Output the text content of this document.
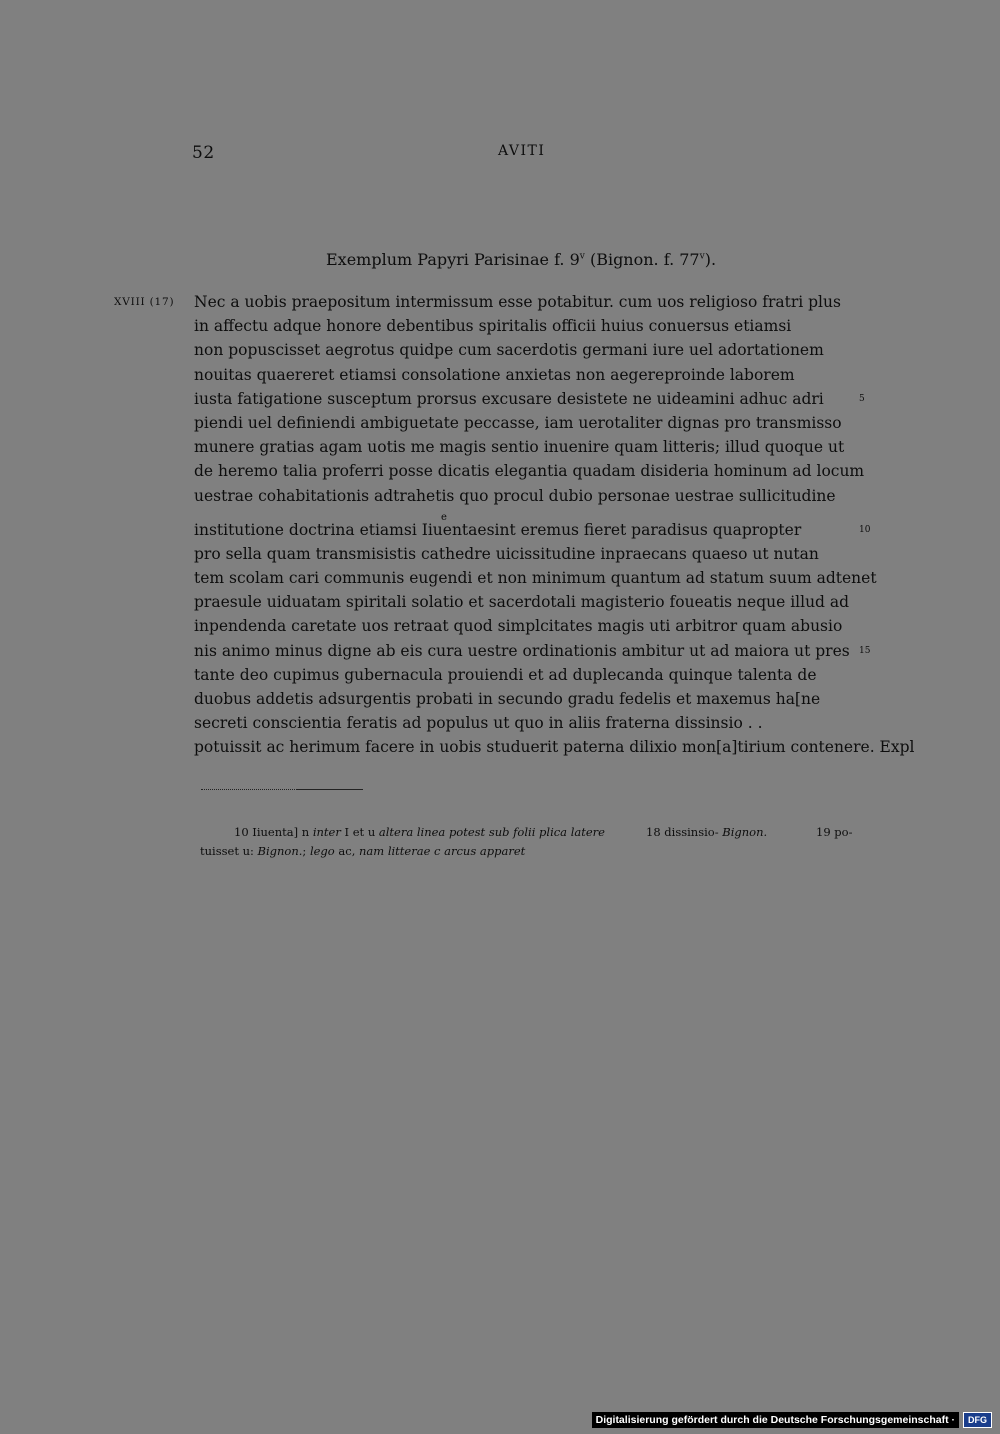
52	AVITI
Exemplum Papyri Parisinae f. 9$^v$ (Bignon. f. 77$^v$).
XVIII (17) Nec a uobis praepositum intermissum esse potabitur. cum uos religioso fratri plus
in affectu adque honore debentibus spiritalis officii huius conuersus etiamsi
non popuscisset aegrotus quidpe cum sacerdotis germani iure uel adortationem
nouitas quaereret etiamsi consolatione anxietas non aegereproinde laborem
iusta fatigatione susceptum prorsus excusare desistete ne uideamini adhuc adri	5
piendi uel definiendi ambiguetate peccasse, iam uerotaliter dignas pro transmisso
munere gratias agam uotis me magis sentio inuenire quam litteris; illud quoque ut
de heremo talia proferri posse dicatis elegantia quadam disideria hominum ad locum
uestrae cohabitationis adtrahetis quo procul dubio personae uestrae sullicitudine
e
institutione doctrina etiamsi Iiuentaesint eremus fieret paradisus quapropter	10
pro sella quam transmisistis cathedre uicissitudine inpraecans quaeso ut nutan
tem scolam cari communis eugendi et non minimum quantum ad statum suum adtenet
praesule uiduatam spiritali solatio et sacerdotali magisterio foueatis neque illud ad
inpendenda caretate uos retraat quod simplcitates magis uti arbitror quam abusio
nis animo minus digne ab eis cura uestre ordinationis ambitur ut ad maiora ut pres 15
tante deo cupimus gubernacula prouiendi et ad duplecanda quinque talenta de
duobus addetis adsurgentis probati in secundo gradu fedelis et maxemus ha[ne
secreti conscientia feratis ad populus ut quo in aliis fraterna dissinsio . .
potuissit ac herimum facere in uobis studuerit paterna dilixio mon[a]tirium contenere. Expl
10 Iiuenta] n inter I et u altera linea potest sub folii plica latere	18 dissinsio- Bignon.	19 po-
tuisset u: Bignon.; lego ac, nam litterae c arcus apparet
Digitalisierung gefördert durch die Deutsche Forschungsgemeinschaft ·	DFG
